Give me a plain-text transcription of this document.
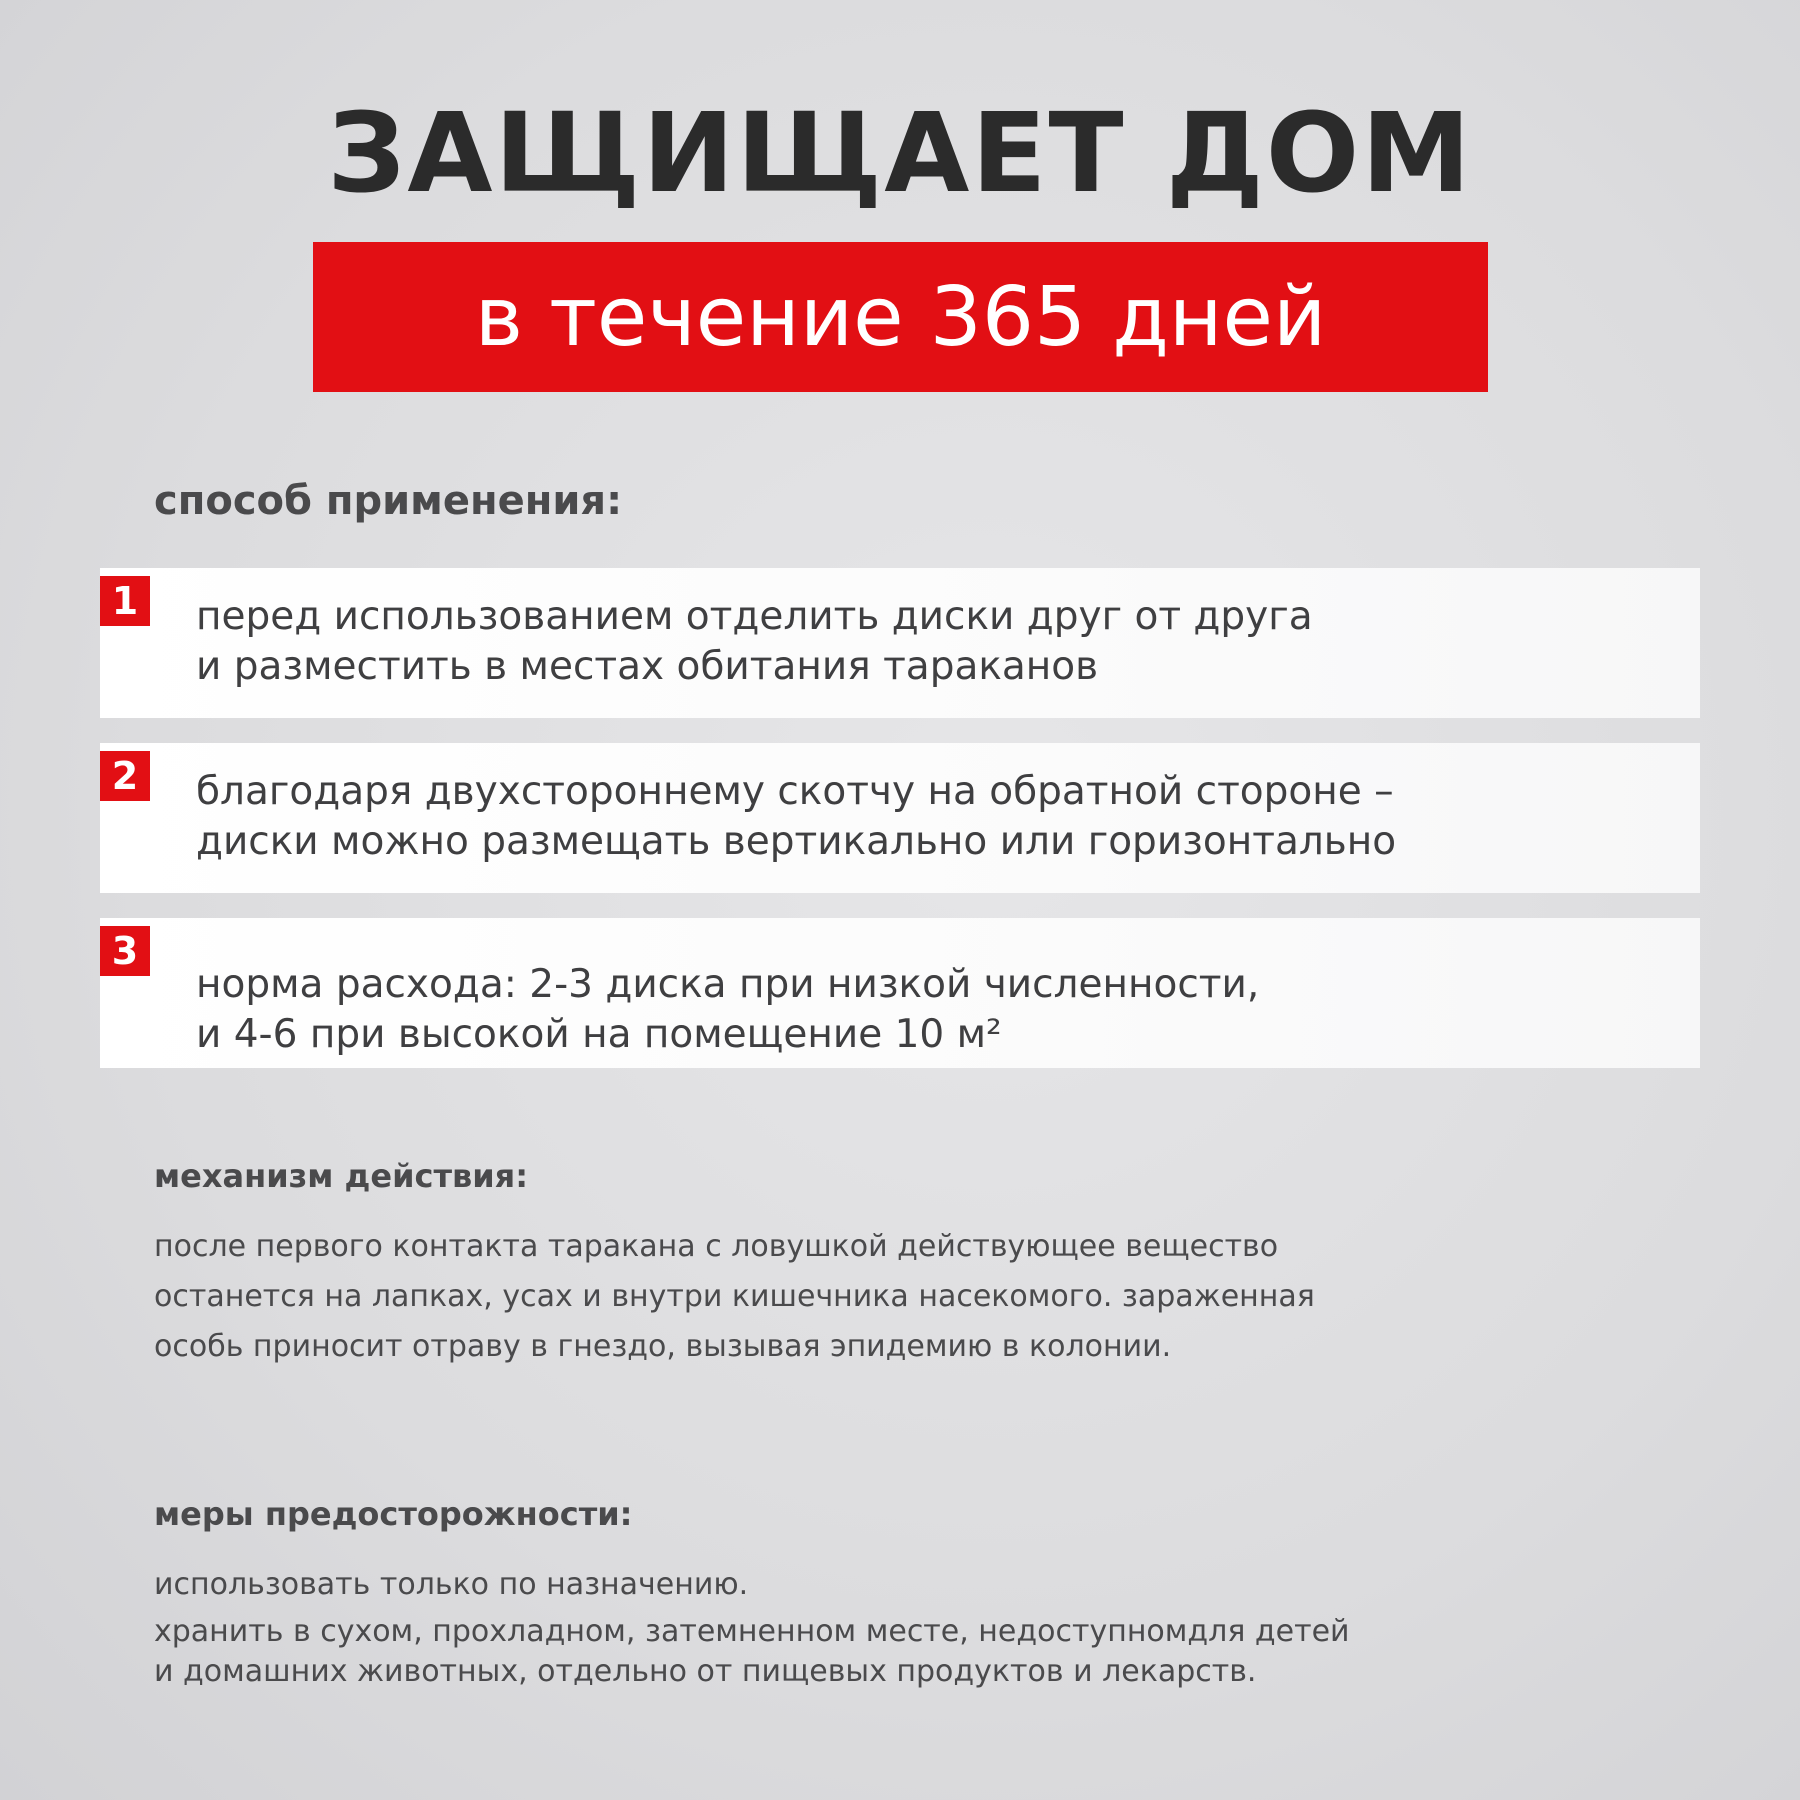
ЗАЩИЩАЕТ ДОМ
в течение 365 дней
способ применения:
1	перед использованием отделить диски друг от друга
и разместить в местах обитания тараканов
2	благодаря двухстороннему скотчу на обратной стороне –
диски можно размещать вертикально или горизонтально
3
норма расхода: 2-3 диска при низкой численности,
и 4-6 при высокой на помещение 10 м²
механизм действия:
после первого контакта таракана с ловушкой действующее вещество
останется на лапках, усах и внутри кишечника насекомого. зараженная
особь приносит отраву в гнездо, вызывая эпидемию в колонии.
меры предосторожности:
использовать только по назначению.
хранить в сухом, прохладном, затемненном месте, недоступномдля детей
и домашних животных, отдельно от пищевых продуктов и лекарств.
